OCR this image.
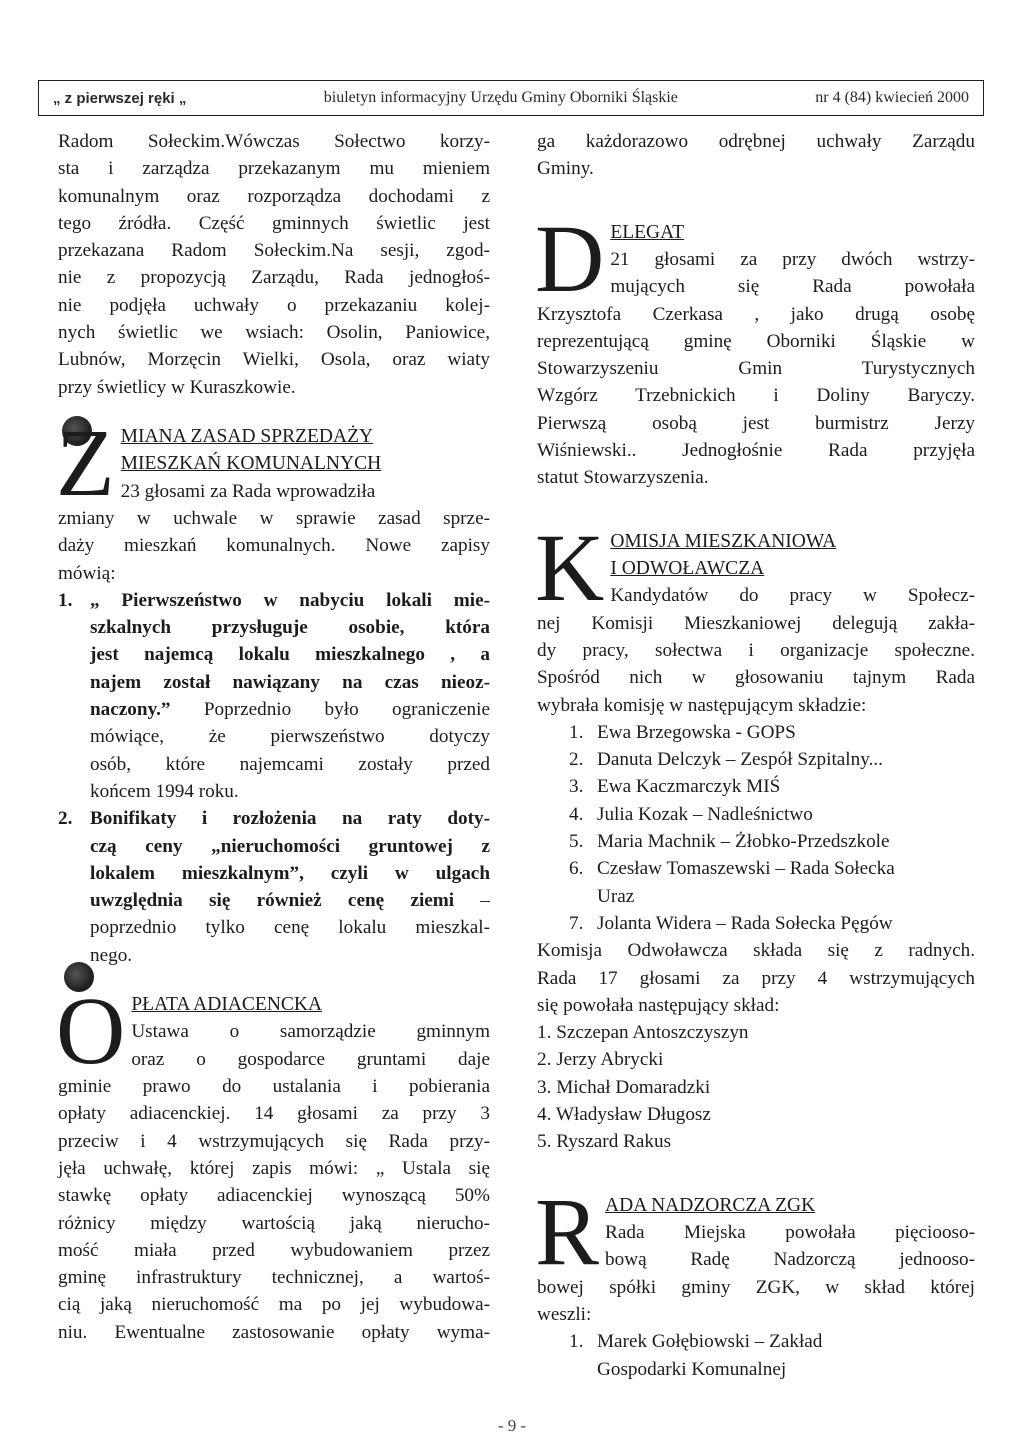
„ z pierwszej ręki „	biuletyn informacyjny Urzędu Gminy Oborniki Śląskie	nr 4 (84) kwiecień 2000

Radom Sołeckim.Wówczas Sołectwo korzy-

sta i zarządza przekazanym mu mieniem

komunalnym oraz rozporządza dochodami z

tego źródła. Część gminnych świetlic jest

przekazana Radom Sołeckim.Na sesji, zgod-

nie z propozycją Zarządu, Rada jednogłoś-

nie podjęła uchwały o przekazaniu kolej-

nych świetlic we wsiach: Osolin, Paniowice,

Lubnów, Morzęcin Wielki, Osola, oraz wiaty

przy świetlicy w Kuraszkowie.

Z MIANA ZASAD SPRZEDAŻY

MIESZKAŃ KOMUNALNYCH

23 głosami za Rada wprowadziła

zmiany w uchwale w sprawie zasad sprze-

daży mieszkań komunalnych. Nowe zapisy

mówią:

1. „ Pierwszeństwo w nabyciu lokali mie-

szkalnych przysługuje osobie, która

jest najemcą lokalu mieszkalnego , a

najem został nawiązany na czas nieoz-

naczony.” Poprzednio było ograniczenie

mówiące, że pierwszeństwo dotyczy

osób, które najemcami zostały przed

końcem 1994 roku.

2. Bonifikaty i rozłożenia na raty doty-

czą ceny „nieruchomości gruntowej z

lokalem mieszkalnym”, czyli w ulgach

uwzględnia się również cenę ziemi –

poprzednio tylko cenę lokalu mieszkal-

nego.

O PŁATA ADIACENCKA

Ustawa o samorządzie gminnym

oraz o gospodarce gruntami daje

gminie prawo do ustalania i pobierania

opłaty adiacenckiej. 14 głosami za przy 3

przeciw i 4 wstrzymujących się Rada przy-

jęła uchwałę, której zapis mówi: „ Ustala się

stawkę opłaty adiacenckiej wynoszącą 50%

różnicy między wartością jaką nierucho-

mość miała przed wybudowaniem przez

gminę infrastruktury technicznej, a wartoś-

cią jaką nieruchomość ma po jej wybudowa-

niu. Ewentualne zastosowanie opłaty wyma-

ga każdorazowo odrębnej uchwały Zarządu

Gminy.

D ELEGAT

21 głosami za przy dwóch wstrzy-

mujących się Rada powołała

Krzysztofa Czerkasa , jako drugą osobę

reprezentującą gminę Oborniki Śląskie w

Stowarzyszeniu Gmin Turystycznych

Wzgórz Trzebnickich i Doliny Baryczy.

Pierwszą osobą jest burmistrz Jerzy

Wiśniewski.. Jednogłośnie Rada przyjęła

statut Stowarzyszenia.

K OMISJA MIESZKANIOWA

I ODWOŁAWCZA

Kandydatów do pracy w Społecz-

nej Komisji Mieszkaniowej delegują zakła-

dy pracy, sołectwa i organizacje społeczne.

Spośród nich w głosowaniu tajnym Rada

wybrała komisję w następującym składzie:

1. Ewa Brzegowska - GOPS
2. Danuta Delczyk – Zespół Szpitalny...
3. Ewa Kaczmarczyk MIŚ
4. Julia Kozak – Nadleśnictwo
5. Maria Machnik – Żłobko-Przedszkole
6. Czesław Tomaszewski – Rada Sołecka Uraz
7. Jolanta Widera – Rada Sołecka Pęgów

Komisja Odwoławcza składa się z radnych.

Rada 17 głosami za przy 4 wstrzymujących

się powołała następujący skład:

1. Szczepan Antoszczyszyn
2. Jerzy Abrycki
3. Michał Domaradzki
4. Władysław Długosz
5. Ryszard Rakus
R ADA NADZORCZA ZGK

Rada Miejska powołała pięciooso-

bową Radę Nadzorczą jednooso-

bowej spółki gminy ZGK, w skład której

weszli:

1. Marek Gołębiowski – Zakład Gospodarki Komunalnej
- 9 -
